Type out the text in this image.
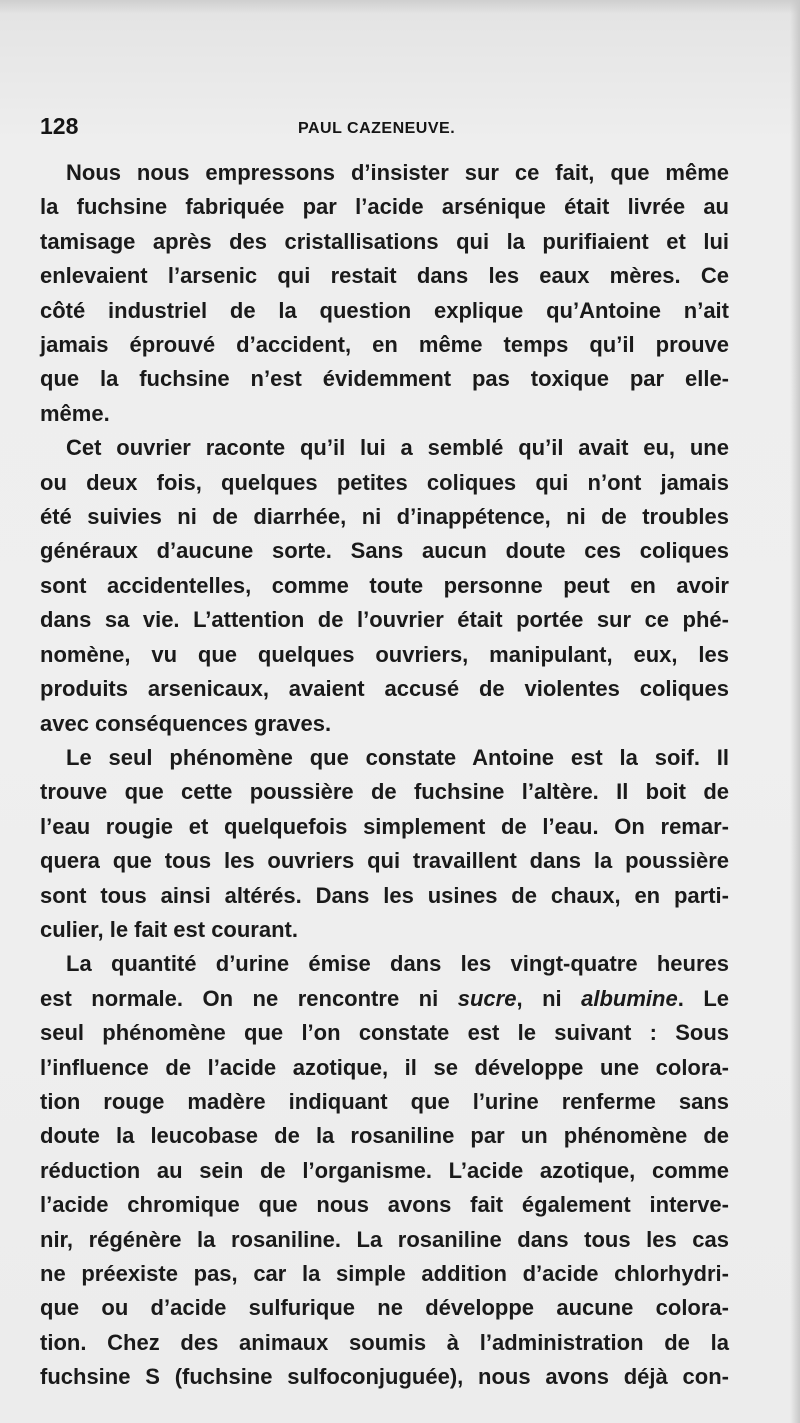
128	PAUL CAZENEUVE.
Nous nous empressons d’insister sur ce fait, que même
la fuchsine fabriquée par l’acide arsénique était livrée au
tamisage après des cristallisations qui la purifiaient et lui
enlevaient l’arsenic qui restait dans les eaux mères. Ce
côté industriel de la question explique qu’Antoine n’ait
jamais éprouvé d’accident, en même temps qu’il prouve
que la fuchsine n’est évidemment pas toxique par elle-
même.
Cet ouvrier raconte qu’il lui a semblé qu’il avait eu, une
ou deux fois, quelques petites coliques qui n’ont jamais
été suivies ni de diarrhée, ni d’inappétence, ni de troubles
généraux d’aucune sorte. Sans aucun doute ces coliques
sont accidentelles, comme toute personne peut en avoir
dans sa vie. L’attention de l’ouvrier était portée sur ce phé-
nomène, vu que quelques ouvriers, manipulant, eux, les
produits arsenicaux, avaient accusé de violentes coliques
avec conséquences graves.
Le seul phénomène que constate Antoine est la soif. Il
trouve que cette poussière de fuchsine l’altère. Il boit de
l’eau rougie et quelquefois simplement de l’eau. On remar-
quera que tous les ouvriers qui travaillent dans la poussière
sont tous ainsi altérés. Dans les usines de chaux, en parti-
culier, le fait est courant.
La quantité d’urine émise dans les vingt-quatre heures
est normale. On ne rencontre ni sucre, ni albumine. Le
seul phénomène que l’on constate est le suivant : Sous
l’influence de l’acide azotique, il se développe une colora-
tion rouge madère indiquant que l’urine renferme sans
doute la leucobase de la rosaniline par un phénomène de
réduction au sein de l’organisme. L’acide azotique, comme
l’acide chromique que nous avons fait également interve-
nir, régénère la rosaniline. La rosaniline dans tous les cas
ne préexiste pas, car la simple addition d’acide chlorhydri-
que ou d’acide sulfurique ne développe aucune colora-
tion. Chez des animaux soumis à l’administration de la
fuchsine S (fuchsine sulfoconjuguée), nous avons déjà con-
